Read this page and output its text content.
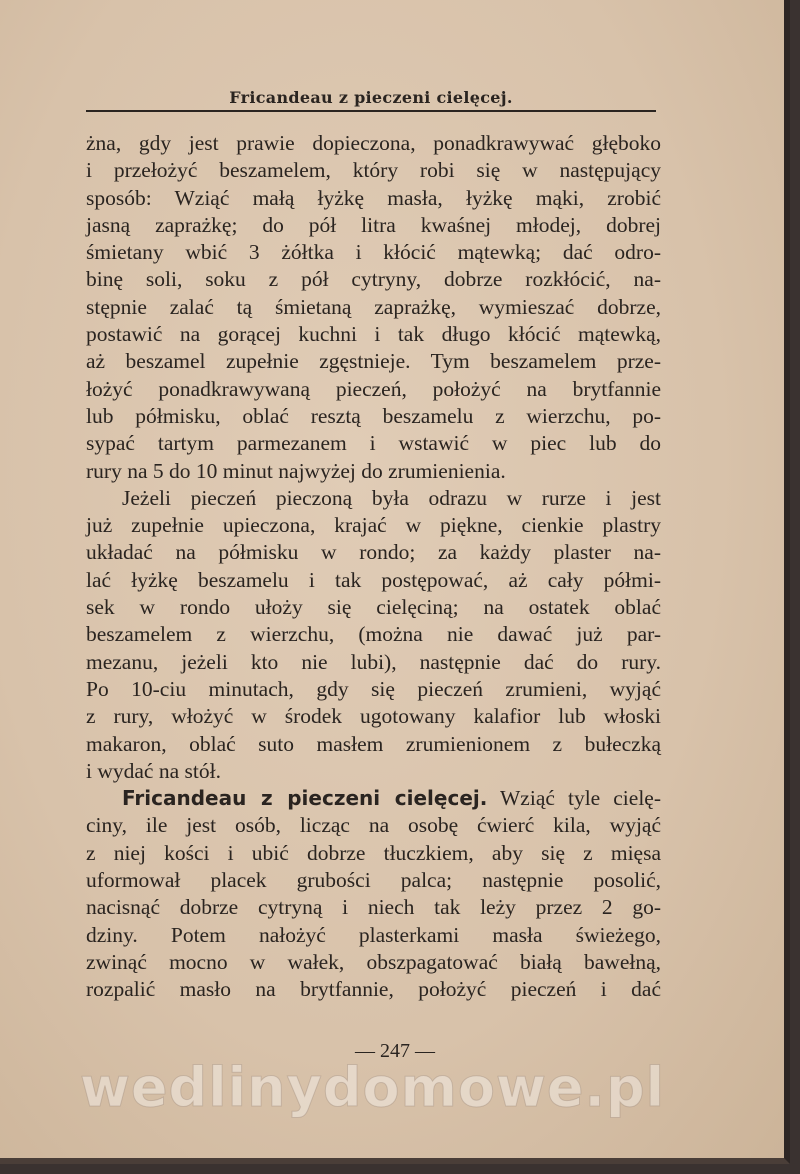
Fricandeau z pieczeni cielęcej.
żna, gdy jest prawie dopieczona, ponadkrawywać głęboko
i przełożyć beszamelem, który robi się w następujący
sposób: Wziąć małą łyżkę masła, łyżkę mąki, zrobić
jasną zaprażkę; do pół litra kwaśnej młodej, dobrej
śmietany wbić 3 żółtka i kłócić mątewką; dać odro-
binę soli, soku z pół cytryny, dobrze rozkłócić, na-
stępnie zalać tą śmietaną zaprażkę, wymieszać dobrze,
postawić na gorącej kuchni i tak długo kłócić mątewką,
aż beszamel zupełnie zgęstnieje. Tym beszamelem prze-
łożyć ponadkrawywaną pieczeń, położyć na brytfannie
lub półmisku, oblać resztą beszamelu z wierzchu, po-
sypać tartym parmezanem i wstawić w piec lub do
rury na 5 do 10 minut najwyżej do zrumienienia.
Jeżeli pieczeń pieczoną była odrazu w rurze i jest
już zupełnie upieczona, krajać w piękne, cienkie plastry
układać na półmisku w rondo; za każdy plaster na-
lać łyżkę beszamelu i tak postępować, aż cały półmi-
sek w rondo ułoży się cielęciną; na ostatek oblać
beszamelem z wierzchu, (można nie dawać już par-
mezanu, jeżeli kto nie lubi), następnie dać do rury.
Po 10-ciu minutach, gdy się pieczeń zrumieni, wyjąć
z rury, włożyć w środek ugotowany kalafior lub włoski
makaron, oblać suto masłem zrumienionem z bułeczką
i wydać na stół.
Fricandeau z pieczeni cielęcej. Wziąć tyle cielę-
ciny, ile jest osób, licząc na osobę ćwierć kila, wyjąć
z niej kości i ubić dobrze tłuczkiem, aby się z mięsa
uformował placek grubości palca; następnie posolić,
nacisnąć dobrze cytryną i niech tak leży przez 2 go-
dziny. Potem nałożyć plasterkami masła świeżego,
zwinąć mocno w wałek, obszpagatować białą bawełną,
rozpalić masło na brytfannie, położyć pieczeń i dać
— 247 —
wedlinydomowe.pl
